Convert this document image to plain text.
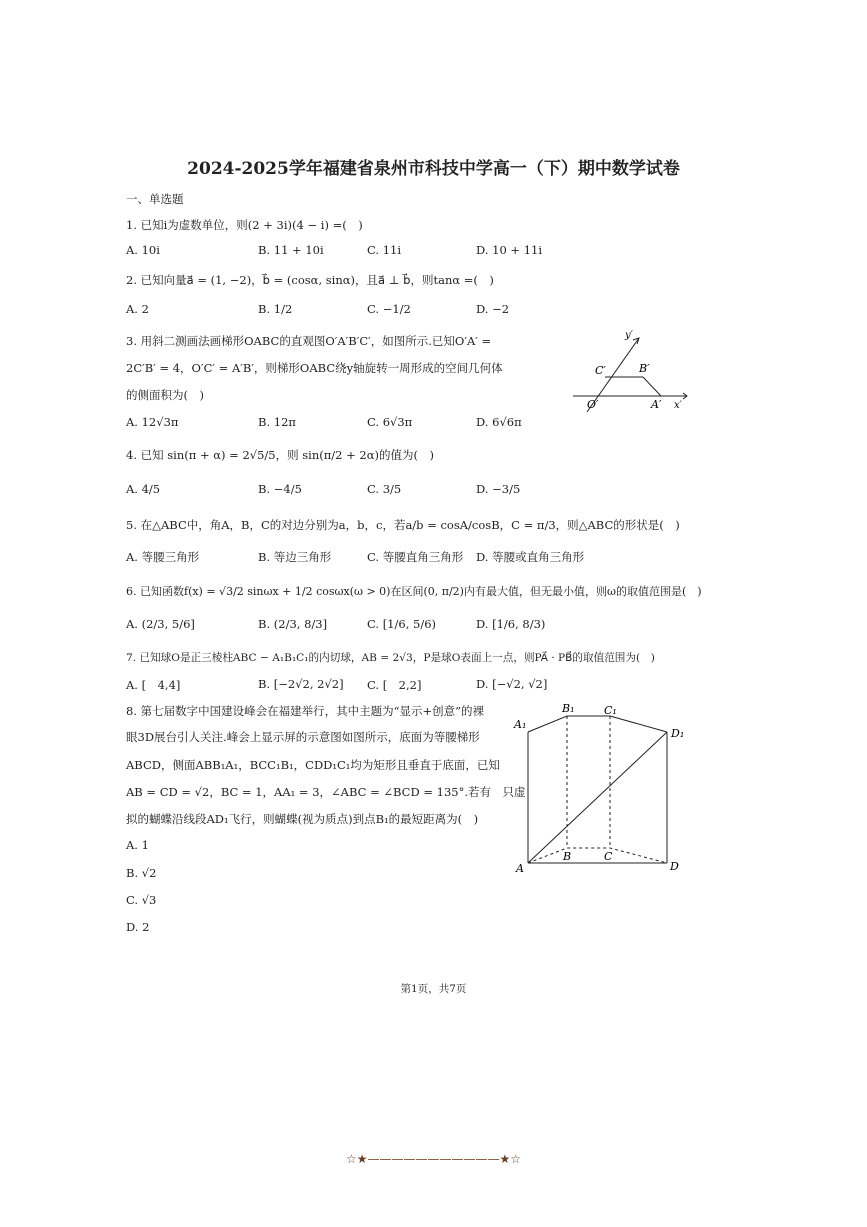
2024-2025学年福建省泉州市科技中学高一（下）期中数学试卷
一、单选题
1. 已知i为虚数单位，则(2 + 3i)(4 − i) =(　)
A. 10i	B. 11 + 10i	C. 11i	D. 10 + 11i
2. 已知向量a⃗ = (1, −2)，b⃗ = (cosα, sinα)，且a⃗ ⊥ b⃗，则tanα =(　)
A. 2	B. 1/2	C. −1/2	D. −2
3. 用斜二测画法画梯形OABC的直观图O′A′B′C′，如图所示.已知O′A′ =
2C′B′ = 4，O′C′ = A′B′，则梯形OABC绕y轴旋转一周形成的空间几何体
的侧面积为(　)
A. 12√3π	B. 12π	C. 6√3π	D. 6√6π
y′
C′	B′
O′	A′ x′
4. 已知 sin(π + α) = 2√5/5，则 sin(π/2 + 2α)的值为(　)
A. 4/5	B. −4/5	C. 3/5	D. −3/5
5. 在△ABC中，角A，B，C的对边分别为a，b，c，若a/b = cosA/cosB，C = π/3，则△ABC的形状是(　)
A. 等腰三角形	B. 等边三角形	C. 等腰直角三角形 D. 等腰或直角三角形
6. 已知函数f(x) = √3/2 sinωx + 1/2 cosωx(ω > 0)在区间(0, π/2)内有最大值，但无最小值，则ω的取值范围是(　)
A. (2/3, 5/6]	B. (2/3, 8/3]	C. [1/6, 5/6)	D. [1/6, 8/3)
7. 已知球O是正三棱柱ABC − A₁B₁C₁的内切球，AB = 2√3，P是球O表面上一点，则PA⃗ · PB⃗的取值范围为(　)
A. [　4,4]	B. [−2√2, 2√2] C. [　2,2]	D. [−√2, √2]
8. 第七届数字中国建设峰会在福建举行，其中主题为“显示+创意”的裸
眼3D展台引人关注.峰会上显示屏的示意图如图所示，底面为等腰梯形
ABCD，侧面ABB₁A₁，BCC₁B₁，CDD₁C₁均为矩形且垂直于底面，已知
AB = CD = √2，BC = 1，AA₁ = 3，∠ABC = ∠BCD = 135°.若有　只虚
拟的蝴蝶沿线段AD₁飞行，则蝴蝶(视为质点)到点B₁的最短距离为(　)
A. 1
B. √2
C. √3
D. 2
A₁
B₁	C₁
D₁
A
B	C
D
第1页，共7页
☆★———————————★☆
